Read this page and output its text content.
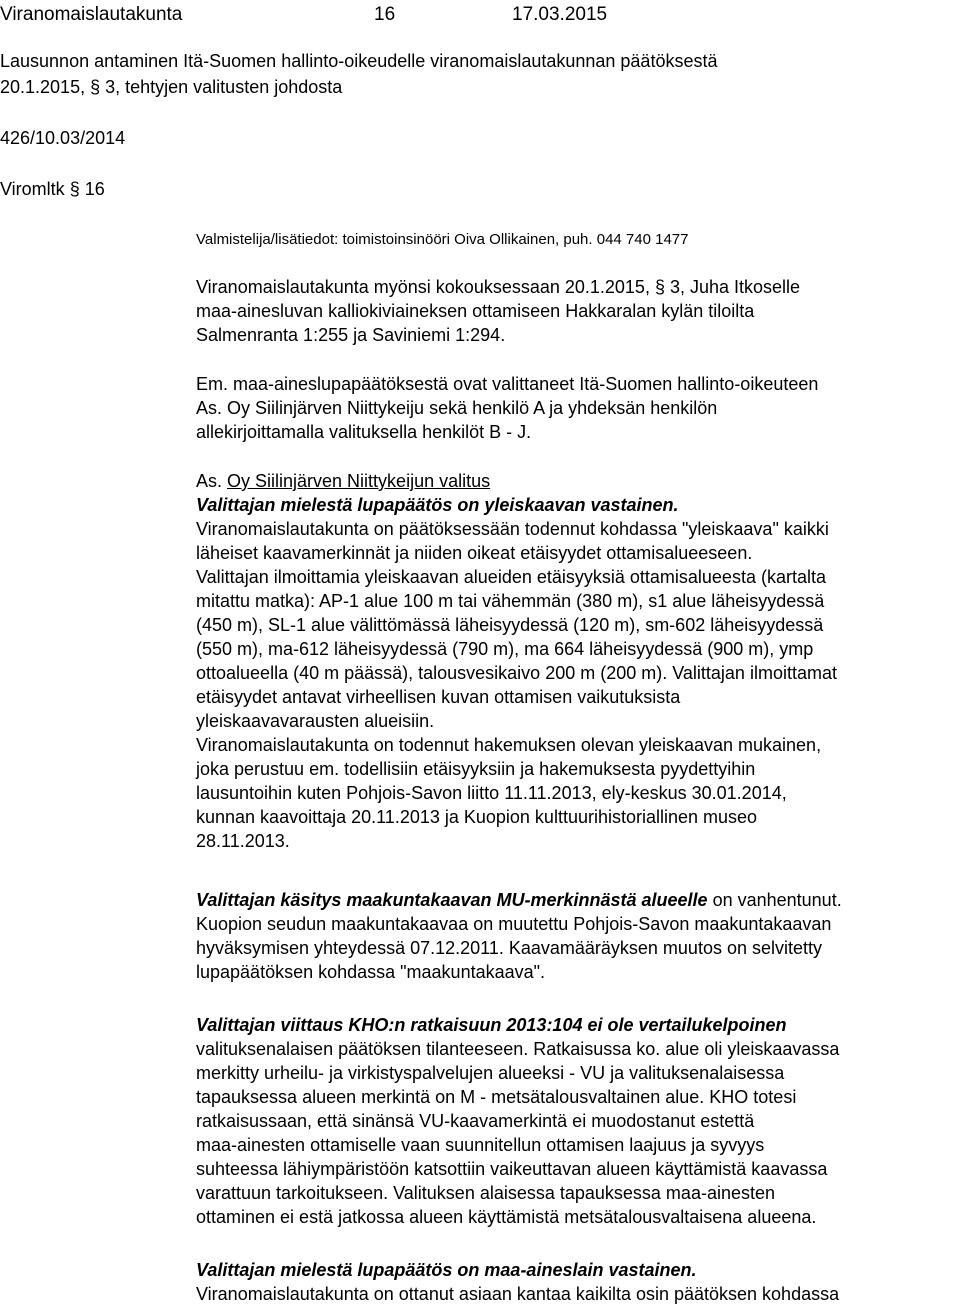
Viranomaislautakunta	16	17.03.2015
Lausunnon antaminen Itä-Suomen hallinto-oikeudelle viranomaislautakunnan päätöksestä
20.1.2015, § 3, tehtyjen valitusten johdosta
426/10.03/2014
Viromltk § 16
Valmistelija/lisätiedot: toimistoinsinööri Oiva Ollikainen, puh. 044 740 1477
Viranomaislautakunta myönsi kokouksessaan 20.1.2015, § 3, Juha Itkoselle
maa-ainesluvan kalliokiviaineksen ottamiseen Hakkaralan kylän tiloilta
Salmenranta 1:255 ja Saviniemi 1:294.
Em. maa-aineslupapäätöksestä ovat valittaneet Itä-Suomen hallinto-oikeuteen
As. Oy Siilinjärven Niittykeiju sekä henkilö A ja yhdeksän henkilön
allekirjoittamalla valituksella henkilöt B - J.
As. Oy Siilinjärven Niittykeijun valitus
Valittajan mielestä lupapäätös on yleiskaavan vastainen.
Viranomaislautakunta on päätöksessään todennut kohdassa "yleiskaava" kaikki
läheiset kaavamerkinnät ja niiden oikeat etäisyydet ottamisalueeseen.
Valittajan ilmoittamia yleiskaavan alueiden etäisyyksiä ottamisalueesta (kartalta
mitattu matka): AP-1 alue 100 m tai vähemmän (380 m), s1 alue läheisyydessä
(450 m), SL-1 alue välittömässä läheisyydessä (120 m), sm-602 läheisyydessä
(550 m), ma-612 läheisyydessä (790 m), ma 664 läheisyydessä (900 m), ymp
ottoalueella (40 m päässä), talousvesikaivo 200 m (200 m). Valittajan ilmoittamat
etäisyydet antavat virheellisen kuvan ottamisen vaikutuksista
yleiskaavavarausten alueisiin.
Viranomaislautakunta on todennut hakemuksen olevan yleiskaavan mukainen,
joka perustuu em. todellisiin etäisyyksiin ja hakemuksesta pyydettyihin
lausuntoihin kuten Pohjois-Savon liitto 11.11.2013, ely-keskus 30.01.2014,
kunnan kaavoittaja 20.11.2013 ja Kuopion kulttuurihistoriallinen museo
28.11.2013.
Valittajan käsitys maakuntakaavan MU-merkinnästä alueelle on vanhentunut.
Kuopion seudun maakuntakaavaa on muutettu Pohjois-Savon maakuntakaavan
hyväksymisen yhteydessä 07.12.2011. Kaavamääräyksen muutos on selvitetty
lupapäätöksen kohdassa "maakuntakaava".
Valittajan viittaus KHO:n ratkaisuun 2013:104 ei ole vertailukelpoinen
valituksenalaisen päätöksen tilanteeseen. Ratkaisussa ko. alue oli yleiskaavassa
merkitty urheilu- ja virkistyspalvelujen alueeksi - VU ja valituksenalaisessa
tapauksessa alueen merkintä on M - metsätalousvaltainen alue. KHO totesi
ratkaisussaan, että sinänsä VU-kaavamerkintä ei muodostanut estettä
maa-ainesten ottamiselle vaan suunnitellun ottamisen laajuus ja syvyys
suhteessa lähiympäristöön katsottiin vaikeuttavan alueen käyttämistä kaavassa
varattuun tarkoitukseen. Valituksen alaisessa tapauksessa maa-ainesten
ottaminen ei estä jatkossa alueen käyttämistä metsätalousvaltaisena alueena.
Valittajan mielestä lupapäätös on maa-aineslain vastainen.
Viranomaislautakunta on ottanut asiaan kantaa kaikilta osin päätöksen kohdassa
